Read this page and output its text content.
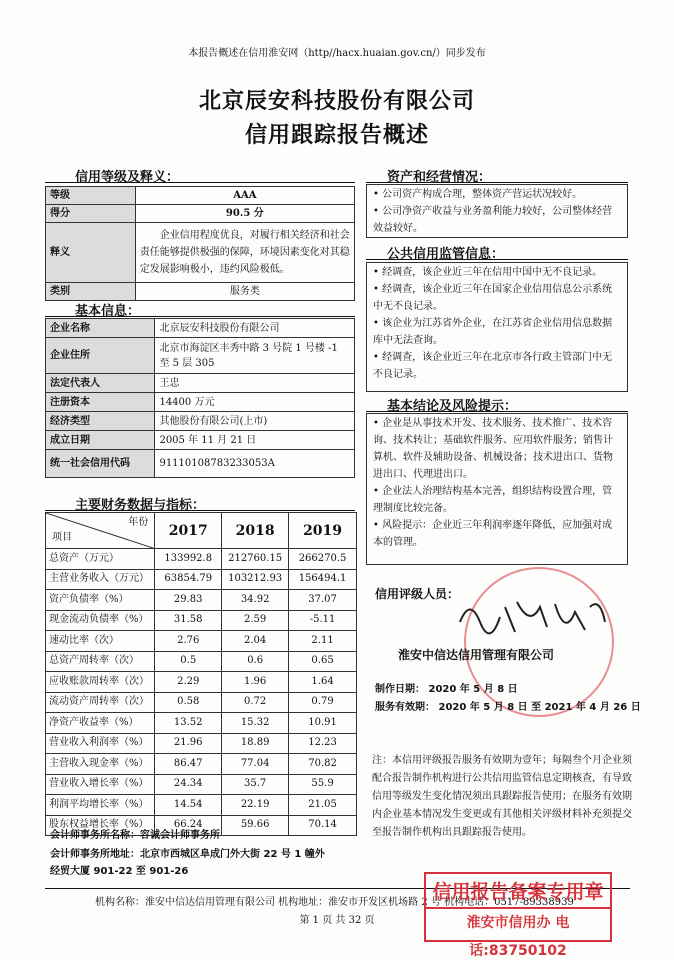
本报告概述在信用淮安网（http//hacx.huaian.gov.cn/）同步发布
北京辰安科技股份有限公司
信用跟踪报告概述
信用等级及释义：
等级	AAA
得分	90.5 分
释义	企业信用程度优良，对履行相关经济和社会责任能够提供极强的保障，环境因素变化对其稳定发展影响极小，违约风险极低。
类别	服务类
基本信息：
企业名称	北京辰安科技股份有限公司
企业住所	北京市海淀区丰秀中路 3 号院 1 号楼 -1 至 5 层 305
法定代表人	王忠
注册资本	14400 万元
经济类型	其他股份有限公司(上市)
成立日期	2005 年 11 月 21 日
统一社会信用代码	91110108783233053A
主要财务数据与指标：
年份
项目	2017	2018	2019
总资产（万元）	133992.8	212760.15	266270.5
主营业务收入（万元）	63854.79	103212.93	156494.1
资产负债率（%）	29.83	34.92	37.07
现金流动负债率（%）	31.58	2.59	-5.11
速动比率（次）	2.76	2.04	2.11
总资产周转率（次）	0.5	0.6	0.65
应收账款周转率（次）	2.29	1.96	1.64
流动资产周转率（次）	0.58	0.72	0.79
净资产收益率（%）	13.52	15.32	10.91
营业收入利润率（%）	21.96	18.89	12.23
主营收入现金率（%）	86.47	77.04	70.82
营业收入增长率（%）	24.34	35.7	55.9
利润平均增长率（%）	14.54	22.19	21.05
股东权益增长率（%）	66.24	59.66	70.14
会计师事务所名称：容诚会计师事务所
会计师事务所地址：北京市西城区阜成门外大街 22 号 1 幢外
经贸大厦 901-22 至 901-26
资产和经营情况：

• 公司资产构成合理，整体资产营运状况较好。

• 公司净资产收益与业务盈利能力较好，公司整体经营效益较好。

公共信用监管信息：

• 经调查，该企业近三年在信用中国中无不良记录。

• 经调查，该企业近三年在国家企业信用信息公示系统中无不良记录。

• 该企业为江苏省外企业，在江苏省企业信用信息数据库中无法查询。

• 经调查，该企业近三年在北京市各行政主管部门中无不良记录。

基本结论及风险提示：

• 企业是从事技术开发、技术服务、技术推广、技术咨询、技术转让；基础软件服务、应用软件服务；销售计算机、软件及辅助设备、机械设备；技术进出口、货物进出口、代理进出口。

• 企业法人治理结构基本完善，组织结构设置合理，管理制度比较完备。

• 风险提示：企业近三年利润率逐年降低，应加强对成本的管理。

信用评级人员：
淮安中信达信用管理有限公司
制作日期： 2020 年 5 月 8 日
服务有效期： 2020 年 5 月 8 日 至 2021 年 4 月 26 日
注：本信用评级报告服务有效期为壹年；每隔叁个月企业须配合报告制作机构进行公共信用监管信息定期核查，有导致信用等级发生变化情况须出具跟踪报告使用；在服务有效期内企业基本情况发生变更或有其他相关评级材料补充须提交至报告制作机构出具跟踪报告使用。
机构名称：淮安中信达信用管理有限公司 机构地址：淮安市开发区机场路 2 号 机构电话：0517-89338939
第 1 页 共 32 页
信用报告备案专用章
淮安市信用办 电话:83750102
